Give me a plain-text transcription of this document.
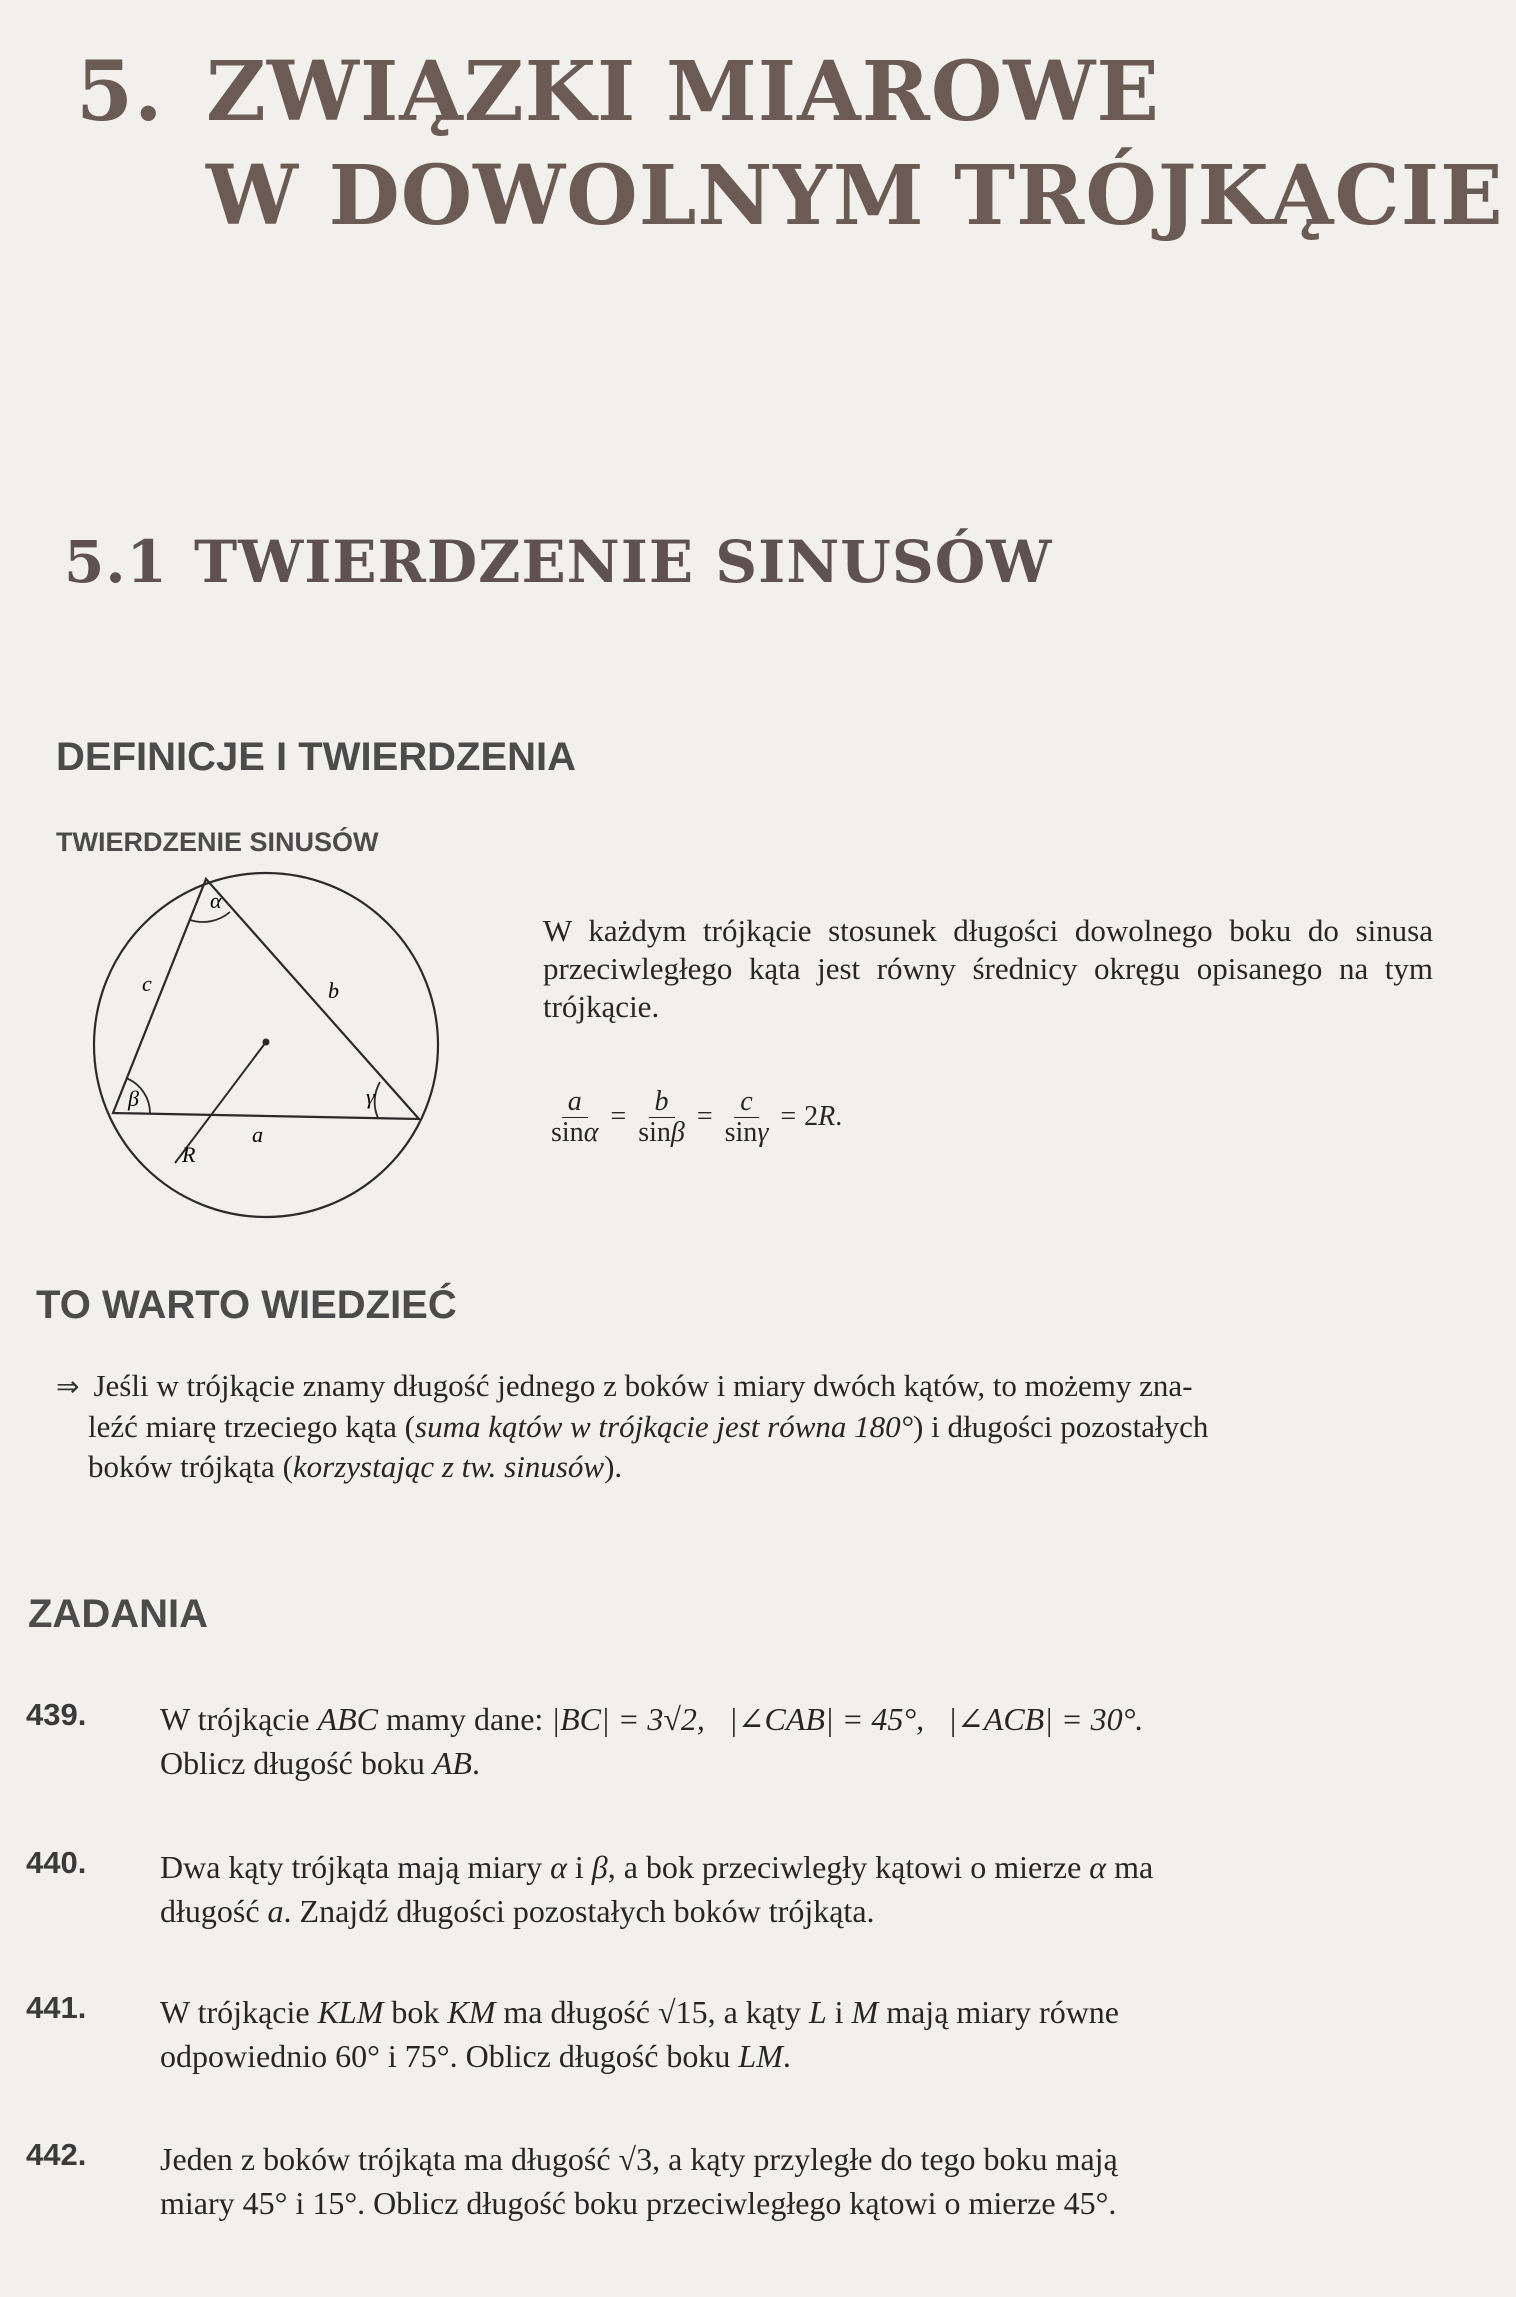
5. ZWIĄZKI MIAROWE
W DOWOLNYM TRÓJKĄCIE
5.1 TWIERDZENIE SINUSÓW
DEFINICJE I TWIERDZENIA
TWIERDZENIE SINUSÓW
α
β	γ
c	b
a
R

W każdym trójkącie stosunek długości dowolnego boku do sinusa przeciwległego kąta jest równy średnicy okręgu opisanego na tym trójkącie.

$\frac{a}{\sin\alpha} = \frac{b}{\sin\beta} = \frac{c}{\sin\gamma} = 2R$.
TO WARTO WIEDZIEĆ

⇒ Jeśli w trójkącie znamy długość jednego z boków i miary dwóch kątów, to możemy zna-
leźć miarę trzeciego kąta (suma kątów w trójkącie jest równa 180°) i długości pozostałych
boków trójkąta (korzystając z tw. sinusów).

ZADANIA
439. W trójkącie ABC mamy dane: |BC| = 3√2, |∠CAB| = 45°, |∠ACB| = 30°.

Oblicz długość boku AB.

440. Dwa kąty trójkąta mają miary α i β, a bok przeciwległy kątowi o mierze α ma

długość a. Znajdź długości pozostałych boków trójkąta.

441. W trójkącie KLM bok KM ma długość √15, a kąty L i M mają miary równe

odpowiednio 60° i 75°. Oblicz długość boku LM.

442. Jeden z boków trójkąta ma długość √3, a kąty przyległe do tego boku mają

miary 45° i 15°. Oblicz długość boku przeciwległego kątowi o mierze 45°.
